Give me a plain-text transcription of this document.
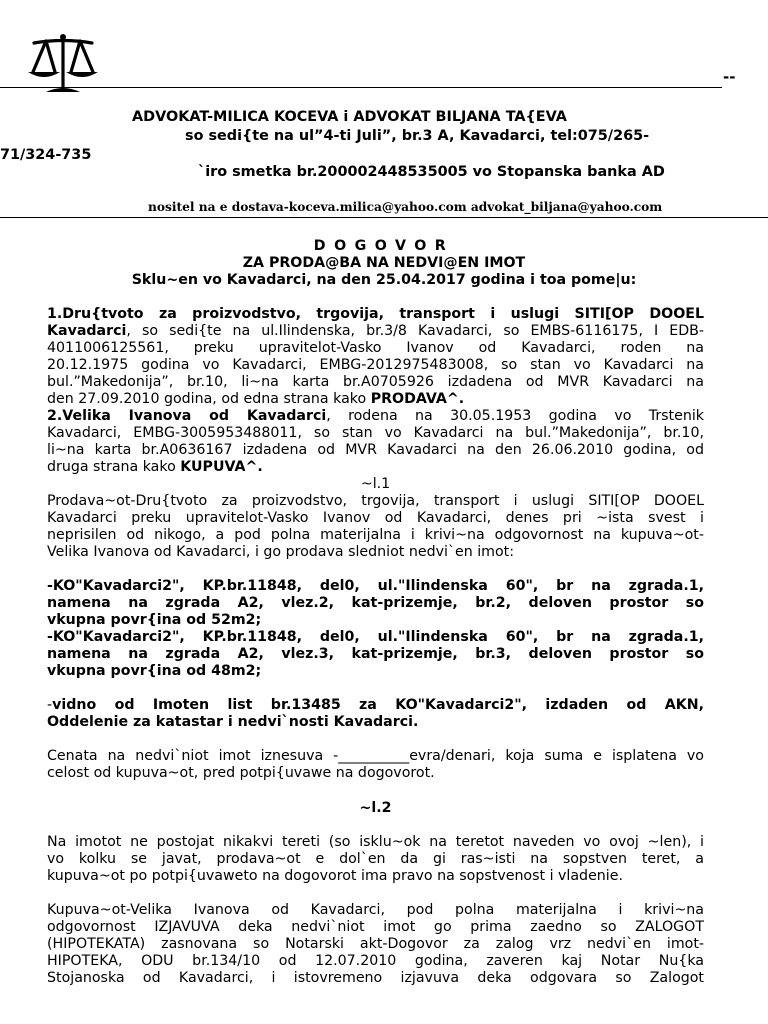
--
ADVOKAT-MILICA KOCEVA i ADVOKAT BILJANA TA{EVA
so sedi{te na ul”4-ti Juli”, br.3 A, Kavadarci, tel:075/265-
71/324-735
`iro smetka br.200002448535005 vo Stopanska banka AD
nositel na e dostava-koceva.milica@yahoo.com advokat_biljana@yahoo.com
DOGOVOR
ZA PRODA@BA NA NEDVI@EN IMOT
Sklu~en vo Kavadarci, na den 25.04.2017 godina i toa pome|u:
1.Dru{tvoto za proizvodstvo, trgovija, transport i uslugi SITI[OP DOOEL
Kavadarci, so sedi{te na ul.Ilindenska, br.3/8 Kavadarci, so EMBS-6116175, I EDB-
4011006125561, preku upravitelot-Vasko Ivanov od Kavadarci, roden na
20.12.1975 godina vo Kavadarci, EMBG-2012975483008, so stan vo Kavadarci na
bul.”Makedonija”, br.10, li~na karta br.A0705926 izdadena od MVR Kavadarci na
den 27.09.2010 godina, od edna strana kako PRODAVA^.
2.Velika Ivanova od Kavadarci, rodena na 30.05.1953 godina vo Trstenik
Kavadarci, EMBG-3005953488011, so stan vo Kavadarci na bul.”Makedonija”, br.10,
li~na karta br.A0636167 izdadena od MVR Kavadarci na den 26.06.2010 godina, od
druga strana kako KUPUVA^.
~l.1
Prodava~ot-Dru{tvoto za proizvodstvo, trgovija, transport i uslugi SITI[OP DOOEL
Kavadarci preku upravitelot-Vasko Ivanov od Kavadarci, denes pri ~ista svest i
neprisilen od nikogo, a pod polna materijalna i krivi~na odgovornost na kupuva~ot-
Velika Ivanova od Kavadarci, i go prodava sledniot nedvi`en imot:
-KO"Kavadarci2", KP.br.11848, del0, ul."Ilindenska 60", br na zgrada.1,
namena na zgrada A2, vlez.2, kat-prizemje, br.2, deloven prostor so
vkupna povr{ina od 52m2;
-KO"Kavadarci2", KP.br.11848, del0, ul."Ilindenska 60", br na zgrada.1,
namena na zgrada A2, vlez.3, kat-prizemje, br.3, deloven prostor so
vkupna povr{ina od 48m2;
-vidno od Imoten list br.13485 za KO"Kavadarci2", izdaden od AKN,
Oddelenie za katastar i nedvi`nosti Kavadarci.
Cenata na nedvi`niot imot iznesuva -__________evra/denari, koja suma e isplatena vo
celost od kupuva~ot, pred potpi{uvawe na dogovorot.
~l.2
Na imotot ne postojat nikakvi tereti (so isklu~ok na teretot naveden vo ovoj ~len), i
vo kolku se javat, prodava~ot e dol`en da gi ras~isti na sopstven teret, a
kupuva~ot po potpi{uvaweto na dogovorot ima pravo na sopstvenost i vladenie.
Kupuva~ot-Velika Ivanova od Kavadarci, pod polna materijalna i krivi~na
odgovornost IZJAVUVA deka nedvi`niot imot go prima zaedno so ZALOGOT
(HIPOTEKATA) zasnovana so Notarski akt-Dogovor za zalog vrz nedvi`en imot-
HIPOTEKA, ODU br.134/10 od 12.07.2010 godina, zaveren kaj Notar Nu{ka
Stojanoska od Kavadarci, i istovremeno izjavuva deka odgovara so Zalogot
